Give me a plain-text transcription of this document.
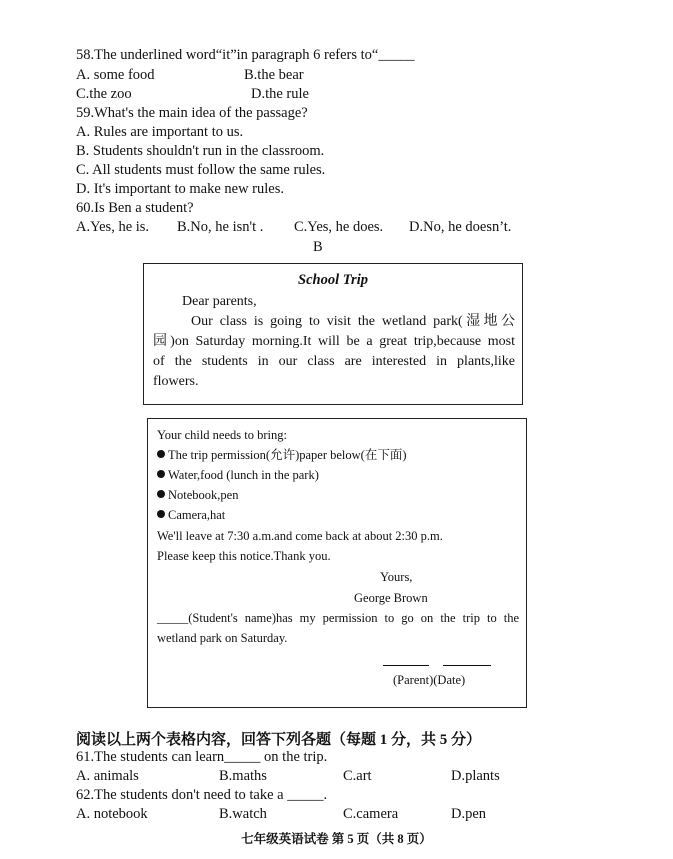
58.The underlined word“it”in paragraph 6 refers to“_____
A. some food	B.the bear
C.the zoo	D.the rule
59.What's the main idea of the passage?
A. Rules are important to us.
B. Students shouldn't run in the classroom.
C. All students must follow the same rules.
D. It's important to make new rules.
60.Is Ben a student?
A.Yes, he is. B.No, he isn't . C.Yes, he does. D.No, he doesn’t.
B
School Trip
Dear parents,
Our class is going to visit the wetland park(湿地公
园)on Saturday morning.It will be a great trip,because most
of the students in our class are interested in plants,like
flowers.
Your child needs to bring:
The trip permission(允许)paper below(在下面)
Water,food (lunch in the park)
Notebook,pen
Camera,hat
We'll leave at 7:30 a.m.and come back at about 2:30 p.m.
Please keep this notice.Thank you.
Yours,
George Brown
_____(Student's name)has my permission to go on the trip to the
wetland park on Saturday.
(Parent)(Date)
阅读以上两个表格内容，回答下列各题（每题 1 分，共 5 分）
61.The students can learn_____ on the trip.
A. animals	B.maths	C.art	D.plants
62.The students don't need to take a _____.
A. notebook	B.watch	C.camera	D.pen
七年级英语试卷 第 5 页（共 8 页）
